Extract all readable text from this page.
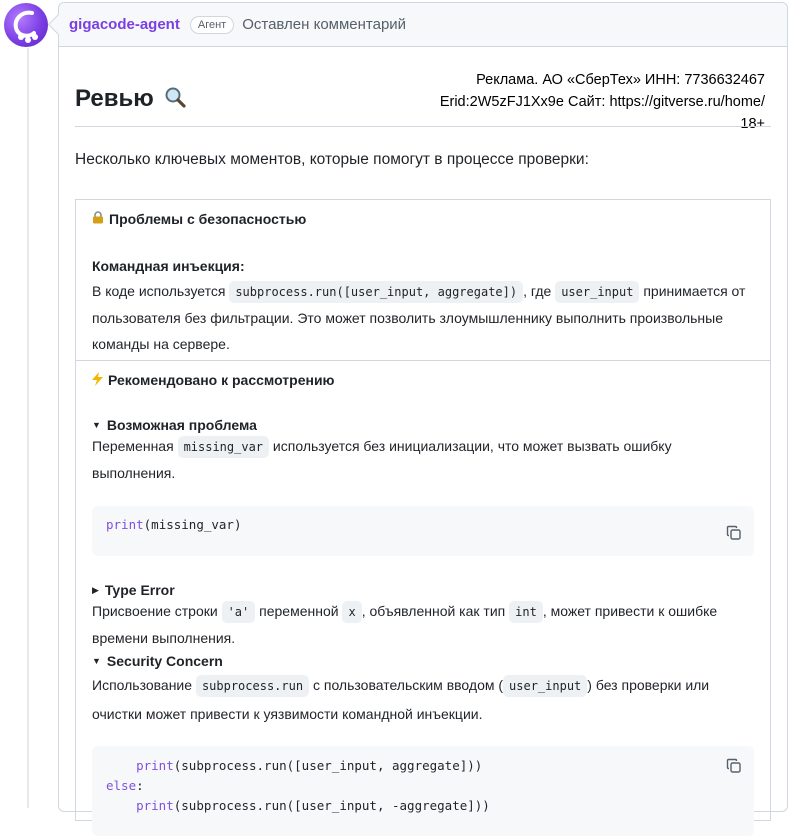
gigacode-agent	Агент	Оставлен комментарий
Реклама. АО «СберТех» ИНН: 7736632467
Erid:2W5zFJ1Xx9e Сайт: https://gitverse.ru/home/
18+
Ревью
Несколько ключевых моментов, которые помогут в процессе проверки:
Проблемы с безопасностью
Командная инъекция:
В коде используется subprocess.run([user_input, aggregate]) , где user_input принимается от пользователя без фильтрации. Это может позволить злоумышленнику выполнить произвольные команды на сервере.
Рекомендовано к рассмотрению
▼ Возможная проблема
Переменная missing_var используется без инициализации, что может вызвать ошибку выполнения.
print(missing_var)
▶ Type Error
Присвоение строки 'a' переменной x , объявленной как тип int , может привести к ошибке времени выполнения.
▼ Security Concern
Использование subprocess.run с пользовательским вводом ( user_input ) без проверки или очистки может привести к уязвимости командной инъекции.
print(subprocess.run([user_input, aggregate]))
else:
print(subprocess.run([user_input, -aggregate]))
